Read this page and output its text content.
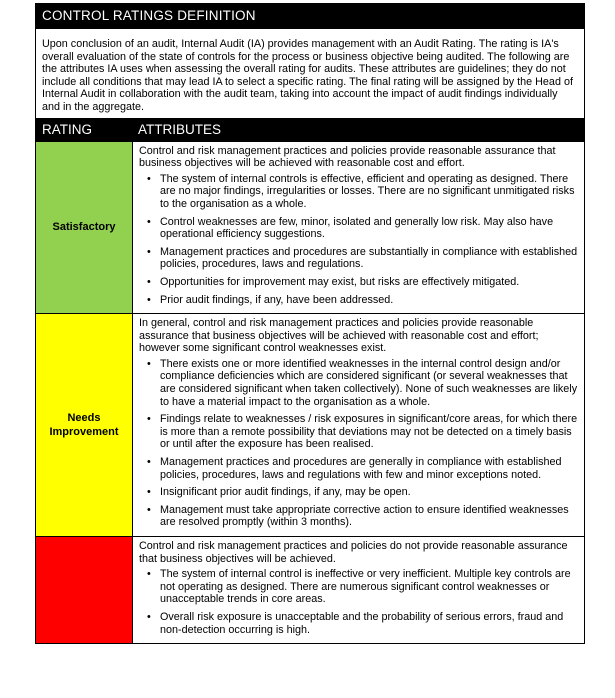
CONTROL RATINGS DEFINITION
Upon conclusion of an audit, Internal Audit (IA) provides management with an Audit Rating. The rating is IA's overall evaluation of the state of controls for the process or business objective being audited. The following are the attributes IA uses when assessing the overall rating for audits. These attributes are guidelines; they do not include all conditions that may lead IA to select a specific rating. The final rating will be assigned by the Head of Internal Audit in collaboration with the audit team, taking into account the impact of audit findings individually and in the aggregate.
RATING	ATTRIBUTES
Satisfactory

Control and risk management practices and policies provide reasonable assurance that business objectives will be achieved with reasonable cost and effort.

• The system of internal controls is effective, efficient and operating as designed. There are no major findings, irregularities or losses. There are no significant unmitigated risks to the organisation as a whole.
• Control weaknesses are few, minor, isolated and generally low risk. May also have operational efficiency suggestions.
• Management practices and procedures are substantially in compliance with established policies, procedures, laws and regulations.
• Opportunities for improvement may exist, but risks are effectively mitigated.
• Prior audit findings, if any, have been addressed.
Needs Improvement

In general, control and risk management practices and policies provide reasonable assurance that business objectives will be achieved with reasonable cost and effort; however some significant control weaknesses exist.

• There exists one or more identified weaknesses in the internal control design and/or compliance deficiencies which are considered significant (or several weaknesses that are considered significant when taken collectively). None of such weaknesses are likely to have a material impact to the organisation as a whole.
• Findings relate to weaknesses / risk exposures in significant/core areas, for which there is more than a remote possibility that deviations may not be detected on a timely basis or until after the exposure has been realised.
• Management practices and procedures are generally in compliance with established policies, procedures, laws and regulations with few and minor exceptions noted.
• Insignificant prior audit findings, if any, may be open.
• Management must take appropriate corrective action to ensure identified weaknesses are resolved promptly (within 3 months).

Control and risk management practices and policies do not provide reasonable assurance that business objectives will be achieved.

• The system of internal control is ineffective or very inefficient. Multiple key controls are not operating as designed. There are numerous significant control weaknesses or unacceptable trends in core areas.
• Overall risk exposure is unacceptable and the probability of serious errors, fraud and non-detection occurring is high.
